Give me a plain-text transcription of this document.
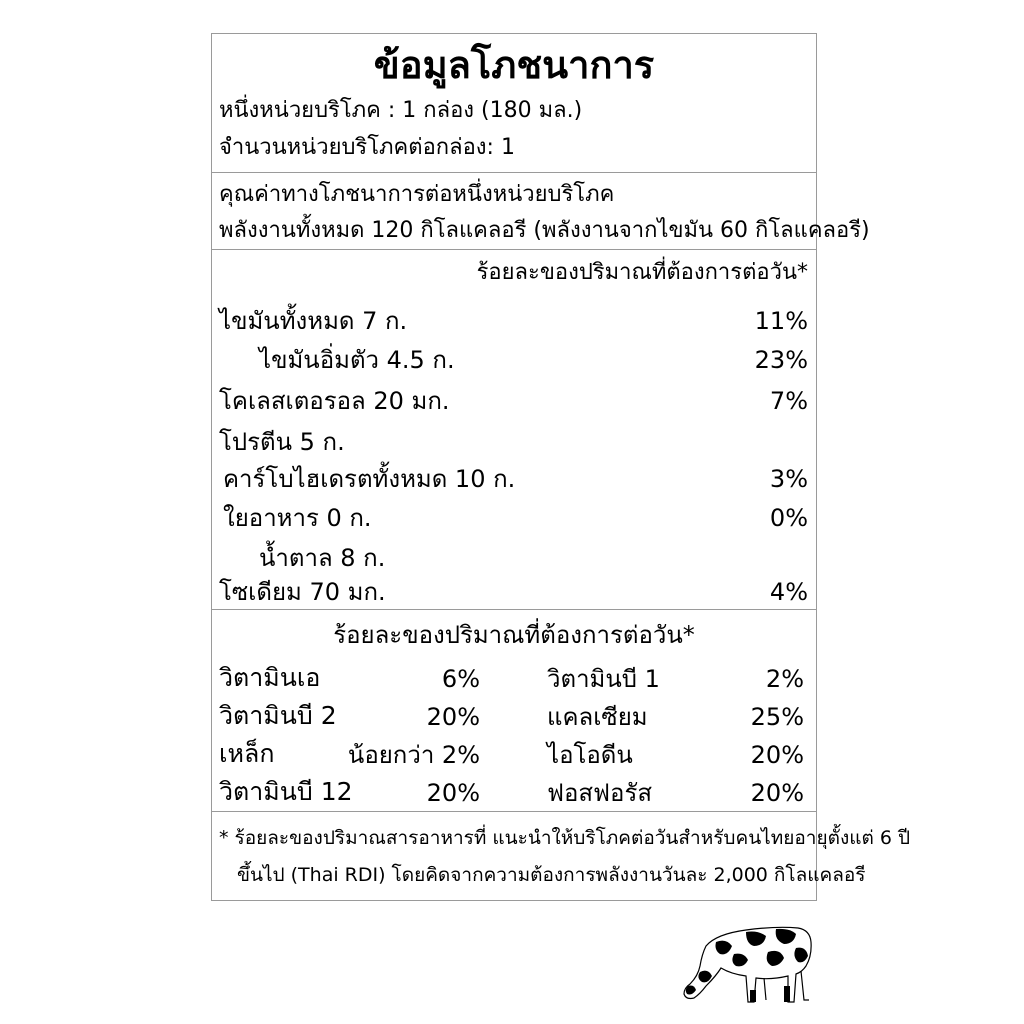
ข้อมูลโภชนาการ
หนึ่งหน่วยบริโภค : 1 กล่อง (180 มล.)
จำนวนหน่วยบริโภคต่อกล่อง: 1
คุณค่าทางโภชนาการต่อหนึ่งหน่วยบริโภค
พลังงานทั้งหมด 120 กิโลแคลอรี (พลังงานจากไขมัน 60 กิโลแคลอรี)
ร้อยละของปริมาณที่ต้องการต่อวัน*
ไขมันทั้งหมด 7 ก.	11%
ไขมันอิ่มตัว 4.5 ก.	23%
โคเลสเตอรอล 20 มก.	7%
โปรตีน 5 ก.
คาร์โบไฮเดรตทั้งหมด 10 ก.	3%
ใยอาหาร 0 ก.	0%
น้ำตาล 8 ก.
โซเดียม 70 มก.	4%
ร้อยละของปริมาณที่ต้องการต่อวัน*
วิตามินเอ	6%	วิตามินบี 1	2%
วิตามินบี 2	20%	แคลเซียม	25%
เหล็ก	น้อยกว่า 2%	ไอโอดีน	20%
วิตามินบี 12	20%	ฟอสฟอรัส	20%
* ร้อยละของปริมาณสารอาหารที่ แนะนำให้บริโภคต่อวันสำหรับคนไทยอายุตั้งแต่ 6 ปี
ขึ้นไป (Thai RDI) โดยคิดจากความต้องการพลังงานวันละ 2,000 กิโลแคลอรี
